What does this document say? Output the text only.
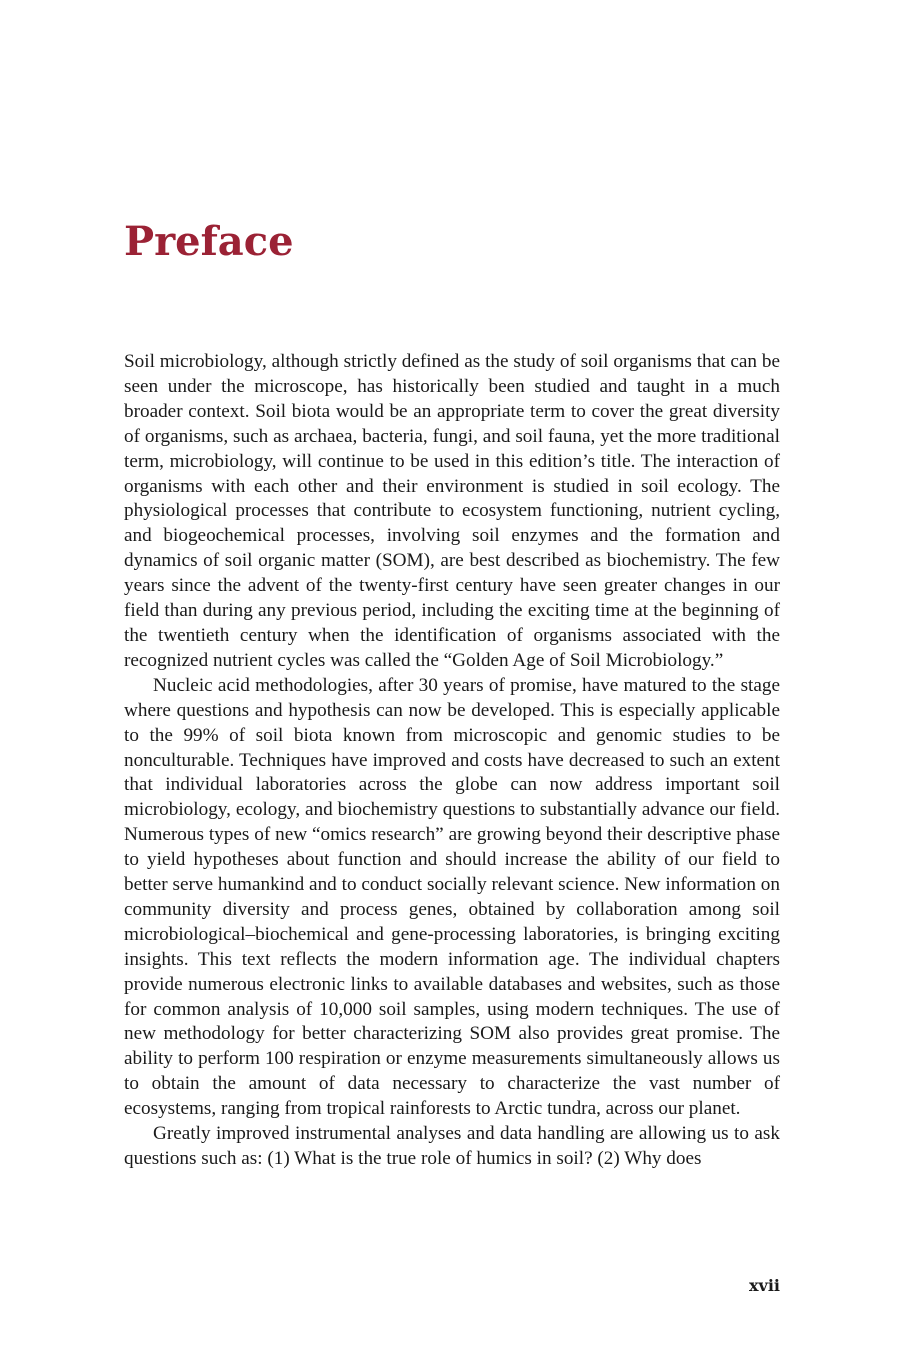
Preface

Soil microbiology, although strictly defined as the study of soil organisms that can be seen under the microscope, has historically been studied and taught in a much broader context. Soil biota would be an appropriate term to cover the great diversity of organisms, such as archaea, bacteria, fungi, and soil fauna, yet the more traditional term, microbiology, will continue to be used in this edition’s title. The interaction of organisms with each other and their environment is studied in soil ecology. The physiological processes that contribute to ecosystem functioning, nutrient cycling, and biogeochemical processes, involving soil enzymes and the formation and dynamics of soil organic matter (SOM), are best described as biochemistry. The few years since the advent of the twenty-first century have seen greater changes in our field than during any previous period, including the exciting time at the beginning of the twentieth century when the identification of organisms associated with the recognized nutrient cycles was called the “Golden Age of Soil Microbiology.”

Nucleic acid methodologies, after 30 years of promise, have matured to the stage where questions and hypothesis can now be developed. This is especially applicable to the 99% of soil biota known from microscopic and genomic studies to be nonculturable. Techniques have improved and costs have decreased to such an extent that individual laboratories across the globe can now address important soil microbiology, ecology, and biochemistry questions to substantially advance our field. Numerous types of new “omics research” are growing beyond their descriptive phase to yield hypotheses about function and should increase the ability of our field to better serve humankind and to conduct socially relevant science. New information on community diversity and process genes, obtained by collaboration among soil microbiological–biochemical and gene-processing laboratories, is bringing exciting insights. This text reflects the modern information age. The individual chapters provide numerous electronic links to available databases and websites, such as those for common analysis of 10,000 soil samples, using modern techniques. The use of new methodology for better characterizing SOM also provides great promise. The ability to perform 100 respiration or enzyme measurements simultaneously allows us to obtain the amount of data necessary to characterize the vast number of ecosystems, ranging from tropical rainforests to Arctic tundra, across our planet.

Greatly improved instrumental analyses and data handling are allowing us to ask questions such as: (1) What is the true role of humics in soil? (2) Why does

xvii
